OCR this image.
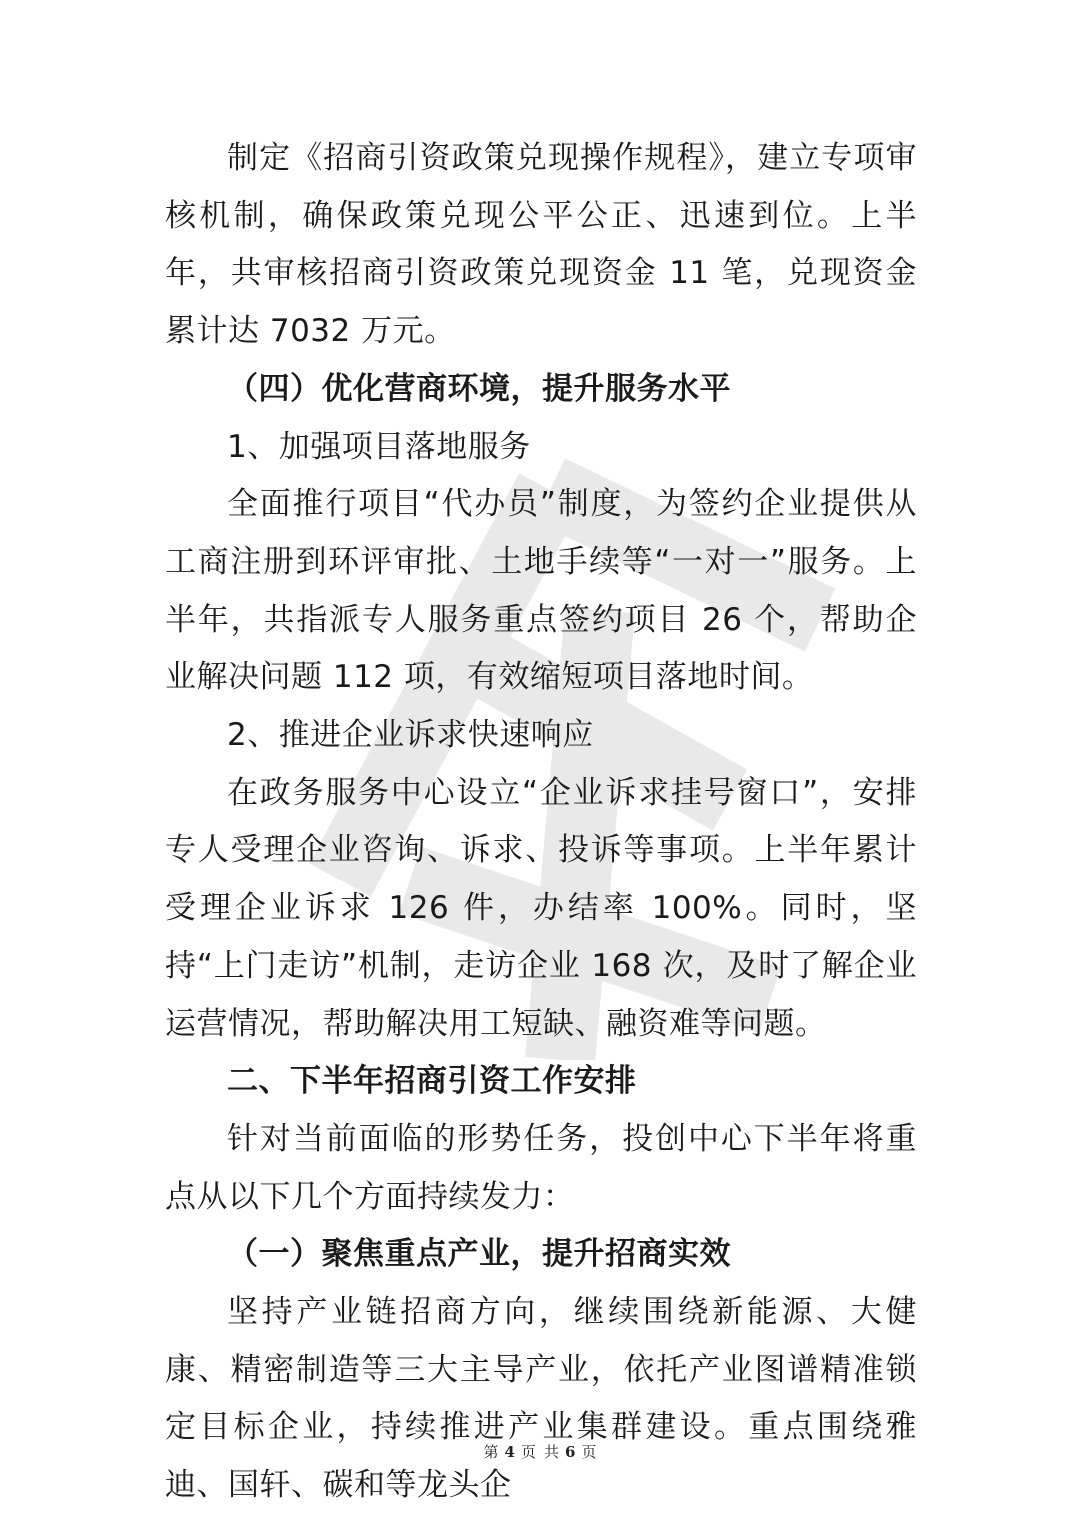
制定《招商引资政策兑现操作规程》，建立专项审核机制，确保政策兑现公平公正、迅速到位。上半年，共审核招商引资政策兑现资金 11 笔，兑现资金累计达 7032 万元。

（四）优化营商环境，提升服务水平

1、加强项目落地服务

全面推行项目“代办员”制度，为签约企业提供从工商注册到环评审批、土地手续等“一对一”服务。上半年，共指派专人服务重点签约项目 26 个，帮助企业解决问题 112 项，有效缩短项目落地时间。

2、推进企业诉求快速响应

在政务服务中心设立“企业诉求挂号窗口”，安排专人受理企业咨询、诉求、投诉等事项。上半年累计受理企业诉求 126 件，办结率 100%。同时，坚持“上门走访”机制，走访企业 168 次，及时了解企业运营情况，帮助解决用工短缺、融资难等问题。

二、下半年招商引资工作安排

针对当前面临的形势任务，投创中心下半年将重点从以下几个方面持续发力：

（一）聚焦重点产业，提升招商实效

坚持产业链招商方向，继续围绕新能源、大健康、精密制造等三大主导产业，依托产业图谱精准锁定目标企业，持续推进产业集群建设。重点围绕雅迪、国轩、碳和等龙头企

第 4 页 共 6 页
